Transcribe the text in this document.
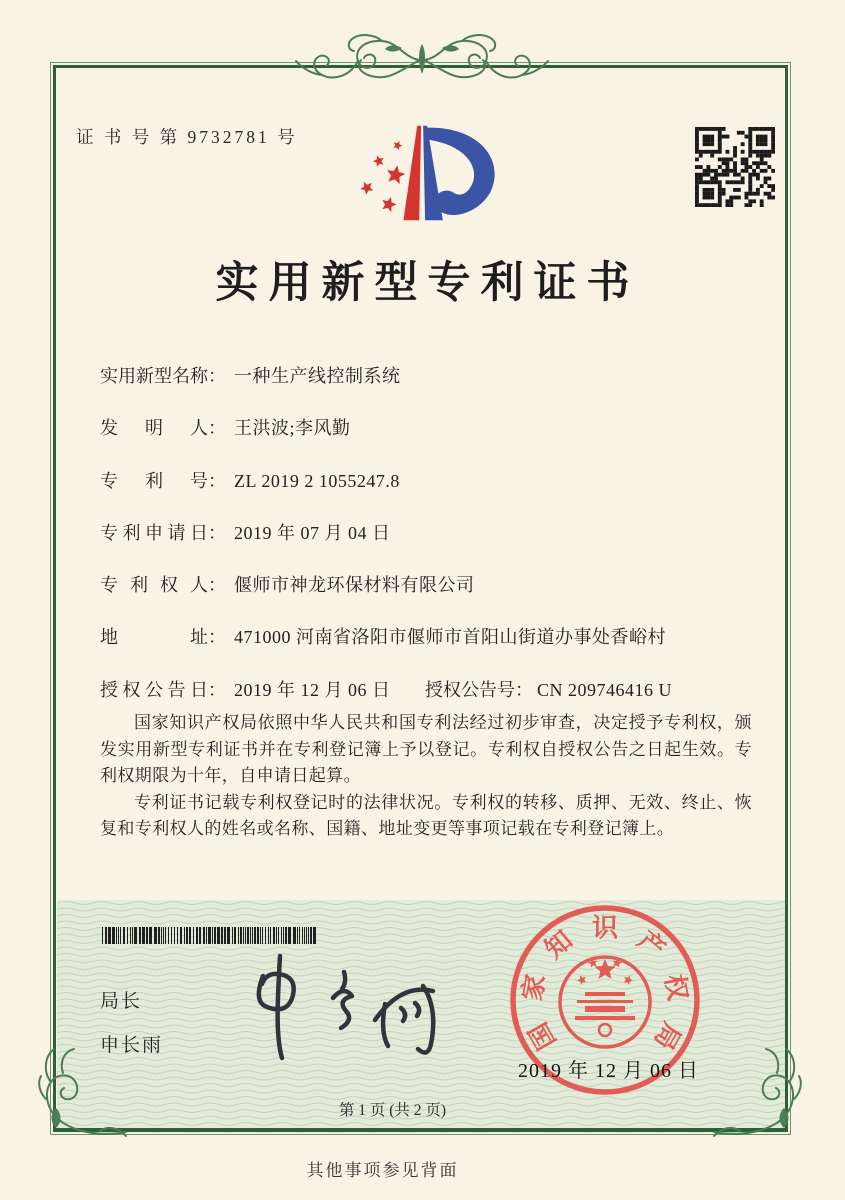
证 书 号 第 9732781 号
实用新型专利证书
实用新型名称： 一种生产线控制系统
发明人： 王洪波;李风勤
专利号： ZL 2019 2 1055247.8
专利申请日： 2019 年 07 月 04 日
专利权人： 偃师市神龙环保材料有限公司
地址： 471000 河南省洛阳市偃师市首阳山街道办事处香峪村
授权公告日： 2019 年 12 月 06 日 授权公告号： CN 209746416 U

国家知识产权局依照中华人民共和国专利法经过初步审查，决定授予专利权，颁发实用新型专利证书并在专利登记簿上予以登记。专利权自授权公告之日起生效。专利权期限为十年，自申请日起算。

专利证书记载专利权登记时的法律状况。专利权的转移、质押、无效、终止、恢复和专利权人的姓名或名称、国籍、地址变更等事项记载在专利登记簿上。

局长
申长雨	国
家
知 识 产
权
局
2019 年 12 月 06 日
第 1 页 (共 2 页)
其他事项参见背面
